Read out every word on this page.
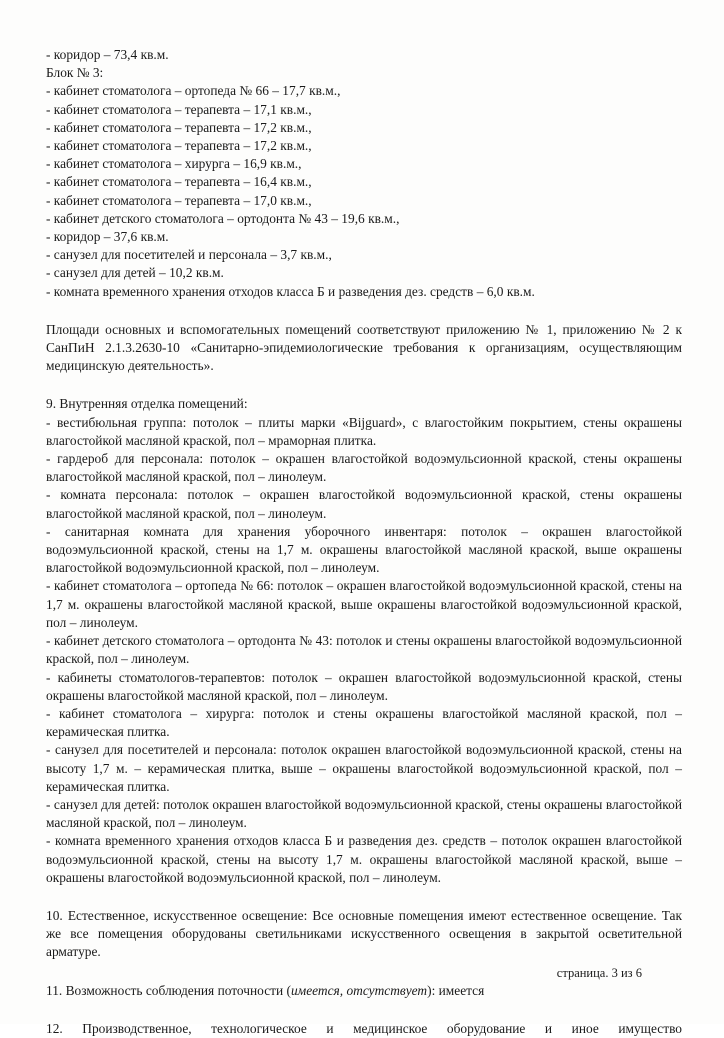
- коридор – 73,4 кв.м.

Блок № 3:

- кабинет стоматолога – ортопеда № 66 – 17,7 кв.м.,

- кабинет стоматолога – терапевта – 17,1 кв.м.,

- кабинет стоматолога – терапевта – 17,2 кв.м.,

- кабинет стоматолога – терапевта – 17,2 кв.м.,

- кабинет стоматолога – хирурга – 16,9 кв.м.,

- кабинет стоматолога – терапевта – 16,4 кв.м.,

- кабинет стоматолога – терапевта – 17,0 кв.м.,

- кабинет детского стоматолога – ортодонта № 43 – 19,6 кв.м.,

- коридор – 37,6 кв.м.

- санузел для посетителей и персонала – 3,7 кв.м.,

- санузел для детей – 10,2 кв.м.

- комната временного хранения отходов класса Б и разведения дез. средств – 6,0 кв.м.

Площади основных и вспомогательных помещений соответствуют приложению № 1, приложению № 2 к СанПиН 2.1.3.2630-10 «Санитарно-эпидемиологические требования к организациям, осуществляющим медицинскую деятельность».

9. Внутренняя отделка помещений:

- вестибюльная группа: потолок – плиты марки «Bijguard», с влагостойким покрытием, стены окрашены влагостойкой масляной краской, пол – мраморная плитка.

- гардероб для персонала: потолок – окрашен влагостойкой водоэмульсионной краской, стены окрашены влагостойкой масляной краской, пол – линолеум.

- комната персонала: потолок – окрашен влагостойкой водоэмульсионной краской, стены окрашены влагостойкой масляной краской, пол – линолеум.

- санитарная комната для хранения уборочного инвентаря: потолок – окрашен влагостойкой водоэмульсионной краской, стены на 1,7 м. окрашены влагостойкой масляной краской, выше окрашены влагостойкой водоэмульсионной краской, пол – линолеум.

- кабинет стоматолога – ортопеда № 66: потолок – окрашен влагостойкой водоэмульсионной краской, стены на 1,7 м. окрашены влагостойкой масляной краской, выше окрашены влагостойкой водоэмульсионной краской, пол – линолеум.

- кабинет детского стоматолога – ортодонта № 43: потолок и стены окрашены влагостойкой водоэмульсионной краской, пол – линолеум.

- кабинеты стоматологов-терапевтов: потолок – окрашен влагостойкой водоэмульсионной краской, стены окрашены влагостойкой масляной краской, пол – линолеум.

- кабинет стоматолога – хирурга: потолок и стены окрашены влагостойкой масляной краской, пол – керамическая плитка.

- санузел для посетителей и персонала: потолок окрашен влагостойкой водоэмульсионной краской, стены на высоту 1,7 м. – керамическая плитка, выше – окрашены влагостойкой водоэмульсионной краской, пол – керамическая плитка.

- санузел для детей: потолок окрашен влагостойкой водоэмульсионной краской, стены окрашены влагостойкой масляной краской, пол – линолеум.

- комната временного хранения отходов класса Б и разведения дез. средств – потолок окрашен влагостойкой водоэмульсионной краской, стены на высоту 1,7 м. окрашены влагостойкой масляной краской, выше – окрашены влагостойкой водоэмульсионной краской, пол – линолеум.

10. Естественное, искусственное освещение: Все основные помещения имеют естественное освещение. Так же все помещения оборудованы светильниками искусственного освещения в закрытой осветительной арматуре.

11. Возможность соблюдения поточности (имеется, отсутствует): имеется

12. Производственное, технологическое и медицинское оборудование и иное имущество

страница. 3 из 6
